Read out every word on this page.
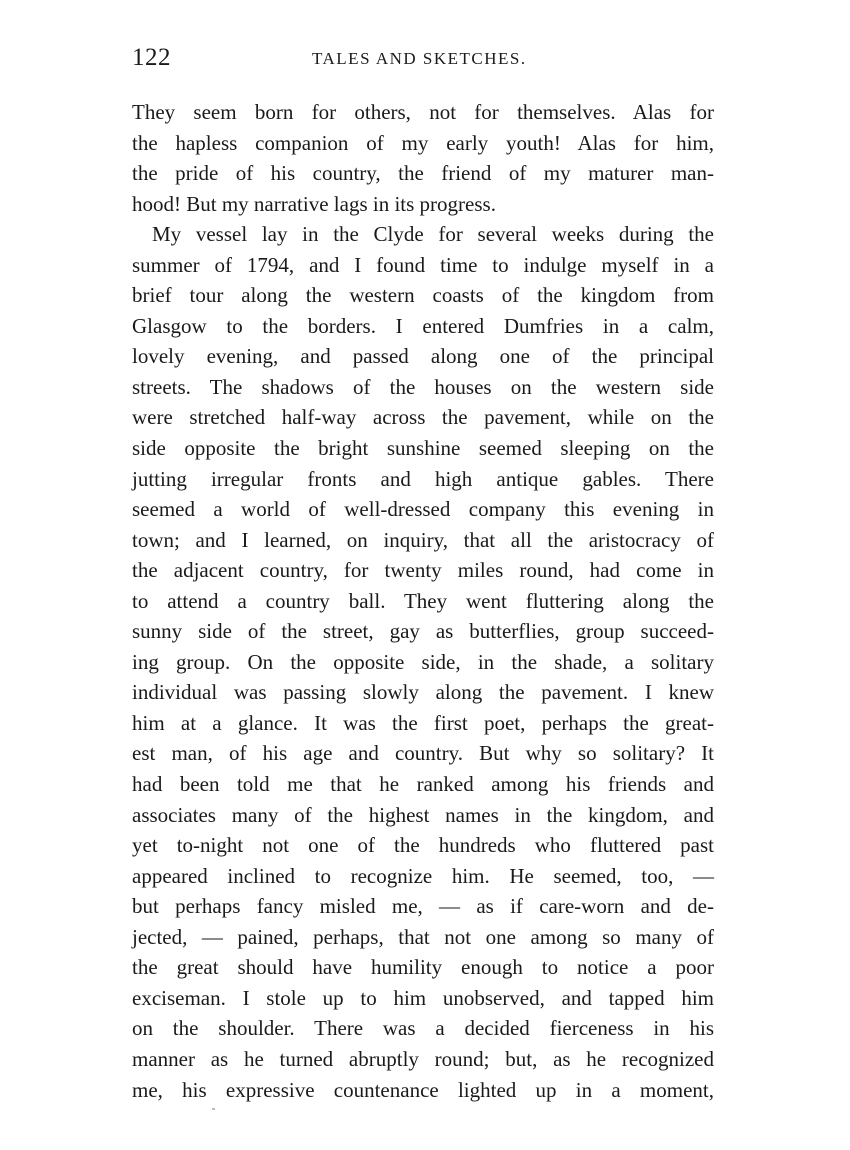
122	TALES AND SKETCHES.
They seem born for others, not for themselves. Alas for
the hapless companion of my early youth! Alas for him,
the pride of his country, the friend of my maturer man-
hood! But my narrative lags in its progress.
My vessel lay in the Clyde for several weeks during the
summer of 1794, and I found time to indulge myself in a
brief tour along the western coasts of the kingdom from
Glasgow to the borders. I entered Dumfries in a calm,
lovely evening, and passed along one of the principal
streets. The shadows of the houses on the western side
were stretched half-way across the pavement, while on the
side opposite the bright sunshine seemed sleeping on the
jutting irregular fronts and high antique gables. There
seemed a world of well-dressed company this evening in
town; and I learned, on inquiry, that all the aristocracy of
the adjacent country, for twenty miles round, had come in
to attend a country ball. They went fluttering along the
sunny side of the street, gay as butterflies, group succeed-
ing group. On the opposite side, in the shade, a solitary
individual was passing slowly along the pavement. I knew
him at a glance. It was the first poet, perhaps the great-
est man, of his age and country. But why so solitary? It
had been told me that he ranked among his friends and
associates many of the highest names in the kingdom, and
yet to-night not one of the hundreds who fluttered past
appeared inclined to recognize him. He seemed, too, —
but perhaps fancy misled me, — as if care-worn and de-
jected, — pained, perhaps, that not one among so many of
the great should have humility enough to notice a poor
exciseman. I stole up to him unobserved, and tapped him
on the shoulder. There was a decided fierceness in his
manner as he turned abruptly round; but, as he recognized
me, his expressive countenance lighted up in a moment,
